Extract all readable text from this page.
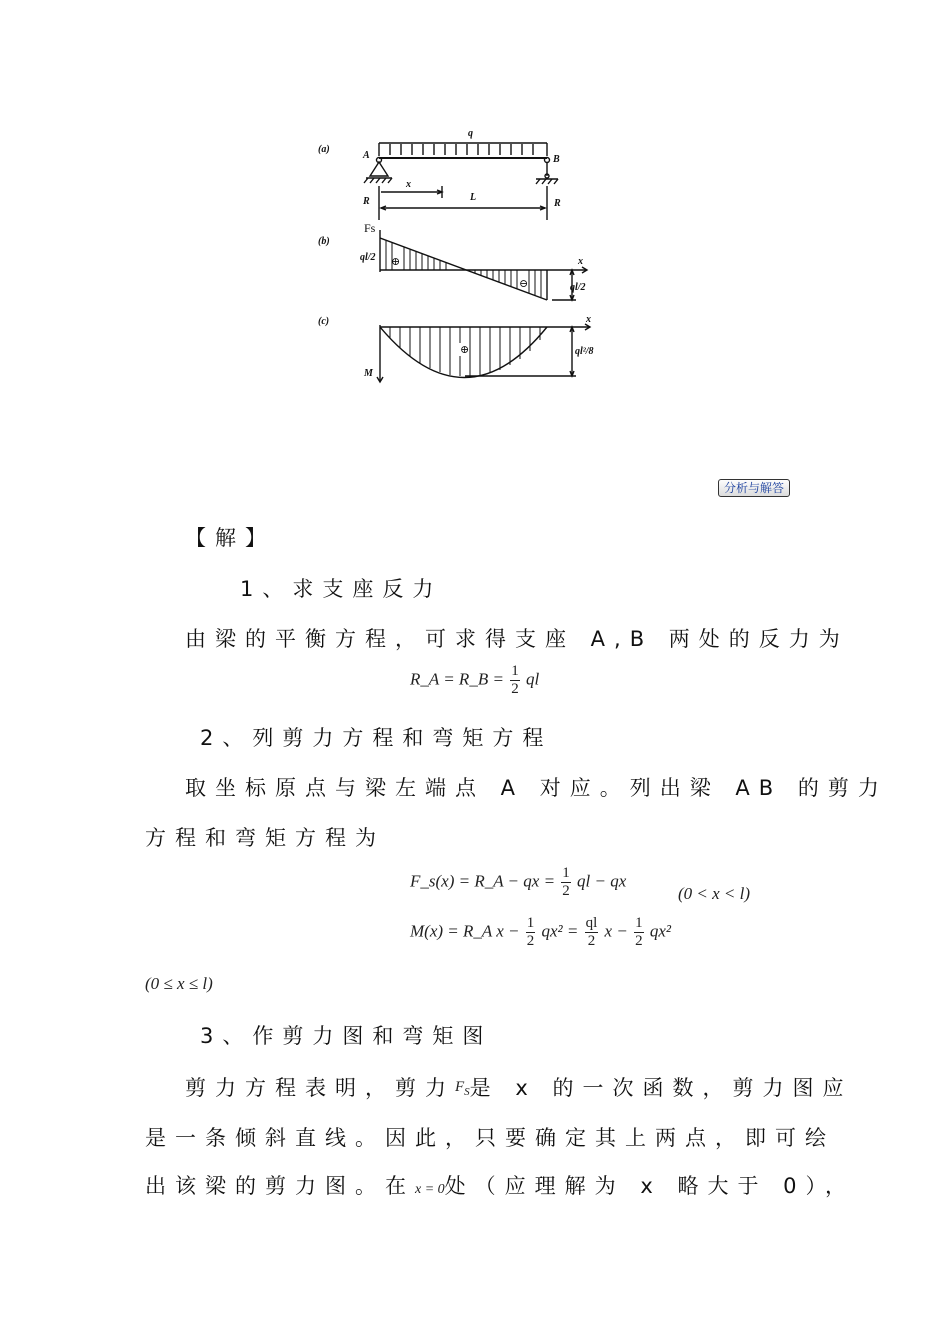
(a)
q
A	B
R	R
x
L
(b)
ql/2
ql/2
x
(c)	x
ql²/8
M
Fs
⊕
⊖
⊕
分析与解答
【解】
1、求支座反力
由梁的平衡方程，可求得支座 A,B 两处的反力为
R_A = R_B = $\frac{1}{2}$ ql
2、列剪力方程和弯矩方程
取坐标原点与梁左端点 A 对应。列出梁 AB 的剪力
方程和弯矩方程为
F_s(x) = R_A − qx = $\frac{1}{2}$ ql − qx
(0 < x < l)
M(x) = R_A $x - \frac{1}{2} qx^2 = \frac{ql}{2}$ $x - \frac{1}{2} qx^2$
(0 ≤ x ≤ l)
3、作剪力图和弯矩图
剪力方程表明，剪力$F_S$是 x 的一次函数，剪力图应
是一条倾斜直线。因此，只要确定其上两点，即可绘
出该梁的剪力图。在x = 0处（应理解为 x 略大于 0），
